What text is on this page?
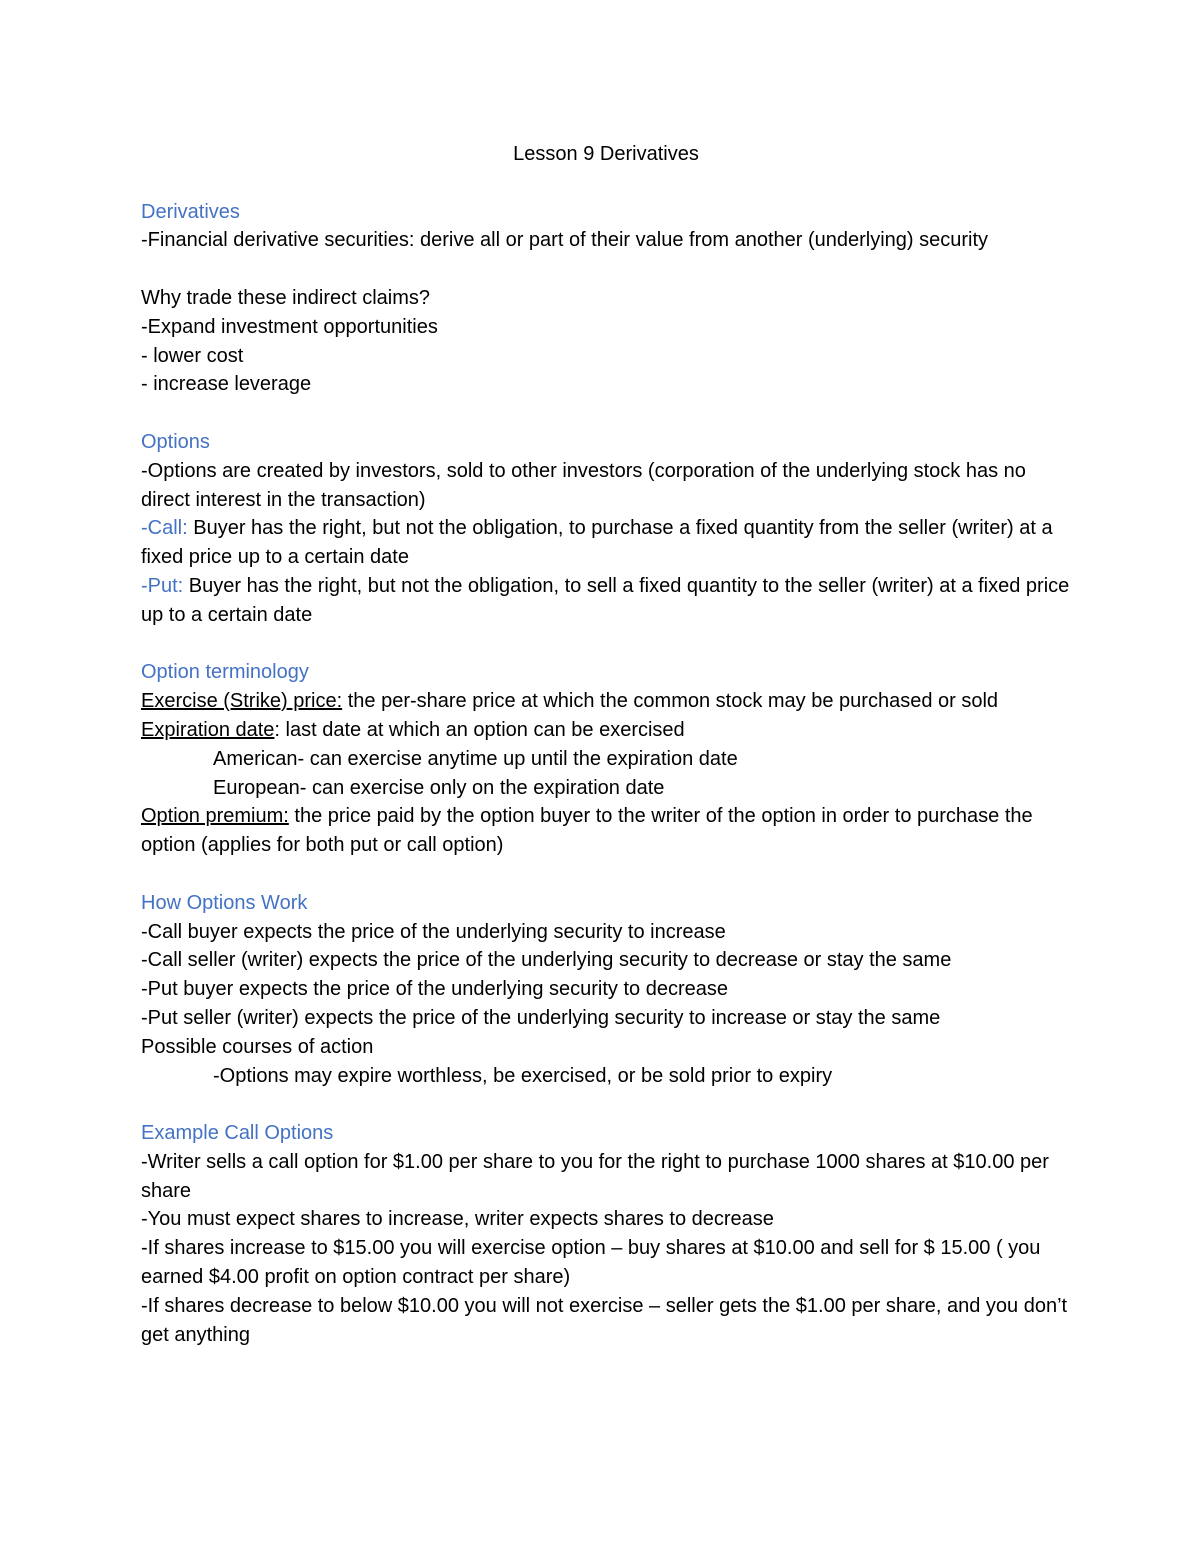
Lesson 9 Derivatives
Derivatives
-Financial derivative securities: derive all or part of their value from another (underlying) security
Why trade these indirect claims?
-Expand investment opportunities
- lower cost
- increase leverage
Options
-Options are created by investors, sold to other investors (corporation of the underlying stock has no direct interest in the transaction)
-Call: Buyer has the right, but not the obligation, to purchase a fixed quantity from the seller (writer) at a fixed price up to a certain date
-Put: Buyer has the right, but not the obligation, to sell a fixed quantity to the seller (writer) at a fixed price up to a certain date
Option terminology
Exercise (Strike) price: the per-share price at which the common stock may be purchased or sold
Expiration date: last date at which an option can be exercised
American- can exercise anytime up until the expiration date
European- can exercise only on the expiration date
Option premium: the price paid by the option buyer to the writer of the option in order to purchase the option (applies for both put or call option)
How Options Work
-Call buyer expects the price of the underlying security to increase
-Call seller (writer) expects the price of the underlying security to decrease or stay the same
-Put buyer expects the price of the underlying security to decrease
-Put seller (writer) expects the price of the underlying security to increase or stay the same
Possible courses of action
-Options may expire worthless, be exercised, or be sold prior to expiry
Example Call Options
-Writer sells a call option for $1.00 per share to you for the right to purchase 1000 shares at $10.00 per share
-You must expect shares to increase, writer expects shares to decrease
-If shares increase to $15.00 you will exercise option – buy shares at $10.00 and sell for $ 15.00 ( you earned $4.00 profit on option contract per share)
-If shares decrease to below $10.00 you will not exercise – seller gets the $1.00 per share, and you don’t get anything
